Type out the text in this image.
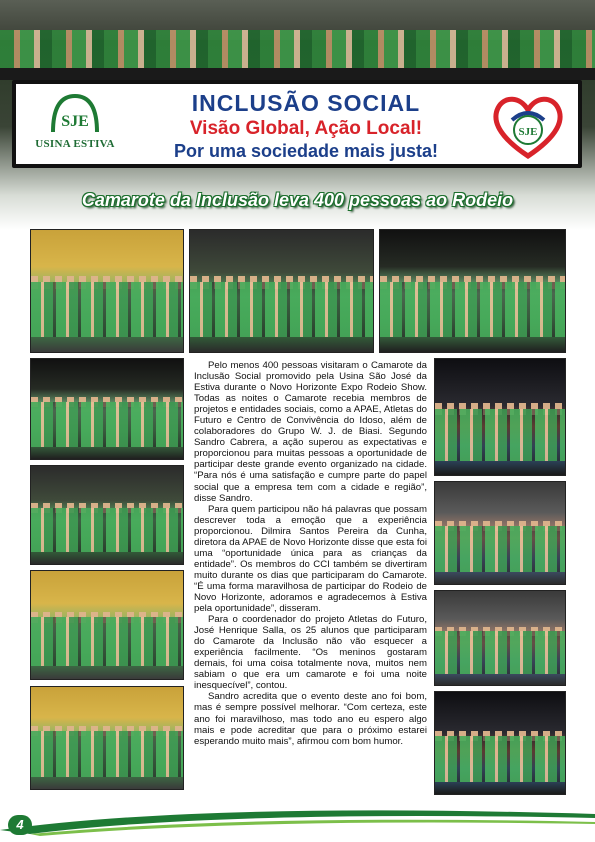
SJE
USINA ESTIVA
INCLUSÃO SOCIAL
Visão Global, Ação Local!
Por uma sociedade mais justa!
SJE
Camarote da Inclusão leva 400 pessoas ao Rodeio

Pelo menos 400 pessoas visitaram o Camarote da Inclusão Social promovido pela Usina São José da Estiva durante o Novo Horizonte Expo Rodeio Show. Todas as noites o Camarote recebia membros de projetos e entidades sociais, como a APAE, Atletas do Futuro e Centro de Convivência do Idoso, além de colaboradores do Grupo W. J. de Biasi. Segundo Sandro Cabrera, a ação superou as expectativas e proporcionou para muitas pessoas a oportunidade de participar deste grande evento organizado na cidade. “Para nós é uma satisfação e cumpre parte do papel social que a empresa tem com a cidade e região”, disse Sandro.

Para quem participou não há palavras que possam descrever toda a emoção que a experiência proporcionou. Dilmira Santos Pereira da Cunha, diretora da APAE de Novo Horizonte disse que esta foi uma “oportunidade única para as crianças da entidade”. Os membros do CCI também se divertiram muito durante os dias que participaram do Camarote. “É uma forma maravilhosa de participar do Rodeio de Novo Horizonte, adoramos e agradecemos à Estiva pela oportunidade”, disseram.

Para o coordenador do projeto Atletas do Futuro, José Henrique Salla, os 25 alunos que participaram do Camarote da Inclusão não vão esquecer a experiência facilmente. “Os meninos gostaram demais, foi uma coisa totalmente nova, muitos nem sabiam o que era um camarote e foi uma noite inesquecível”, contou.

Sandro acredita que o evento deste ano foi bom, mas é sempre possível melhorar. “Com certeza, este ano foi maravilhoso, mas todo ano eu espero algo mais e pode acreditar que para o próximo estarei esperando muito mais”, afirmou com bom humor.

4
